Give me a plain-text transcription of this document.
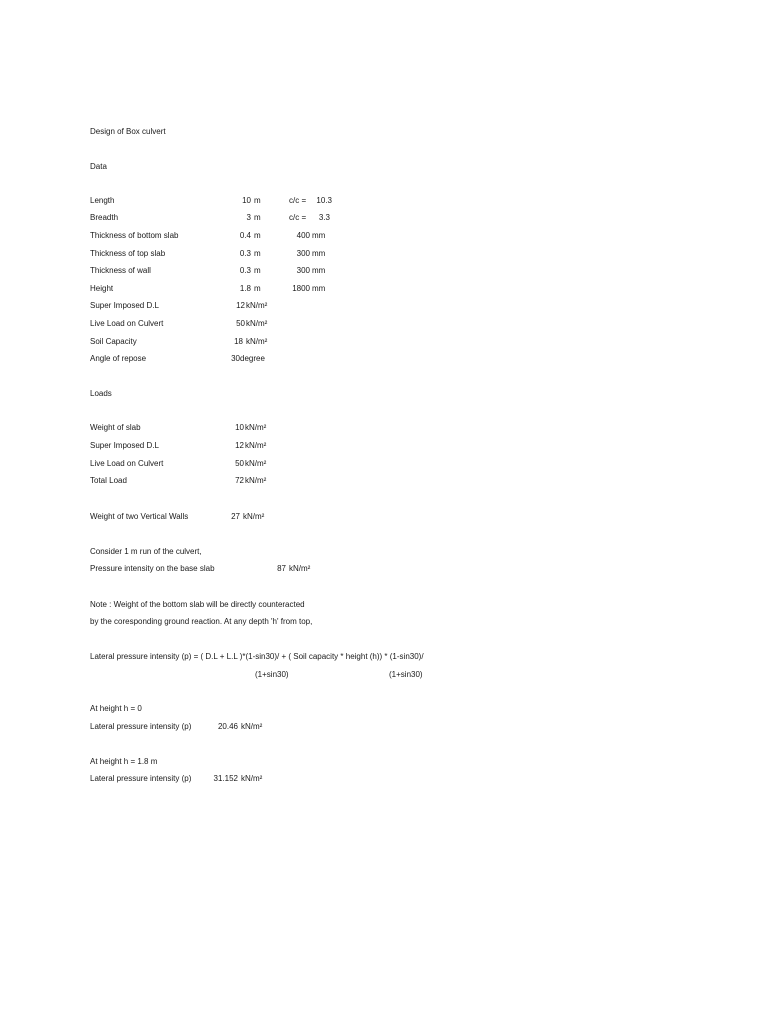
Design of Box culvert
Data
Length	10 m	c/c =	10.3
Breadth	3 m	c/c =	3.3
Thickness of bottom slab	0.4 m	400 mm
Thickness of top slab	0.3 m	300 mm
Thickness of wall	0.3 m	300 mm
Height	1.8 m	1800 mm
Super Imposed D.L	12 kN/m²
Live Load on Culvert	50 kN/m²
Soil Capacity	18 kN/m²
Angle of repose	30 degree
Loads
Weight of slab	10 kN/m²
Super Imposed D.L	12 kN/m²
Live Load on Culvert	50 kN/m²
Total Load	72 kN/m²
Weight of two Vertical Walls	27 kN/m²
Consider 1 m run of the culvert,
Pressure intensity on the base slab	87 kN/m²
Note : Weight of the bottom slab will be directly counteracted
by the coresponding ground reaction. At any depth 'h' from top,
Lateral pressure intensity (p) = ( D.L + L.L )*(1-sin30)/ + ( Soil capacity * height (h)) * (1-sin30)/
(1+sin30)	(1+sin30)
At height h = 0
Lateral pressure intensity (p)	20.46 kN/m²
At height h = 1.8 m
Lateral pressure intensity (p)	31.152 kN/m²
